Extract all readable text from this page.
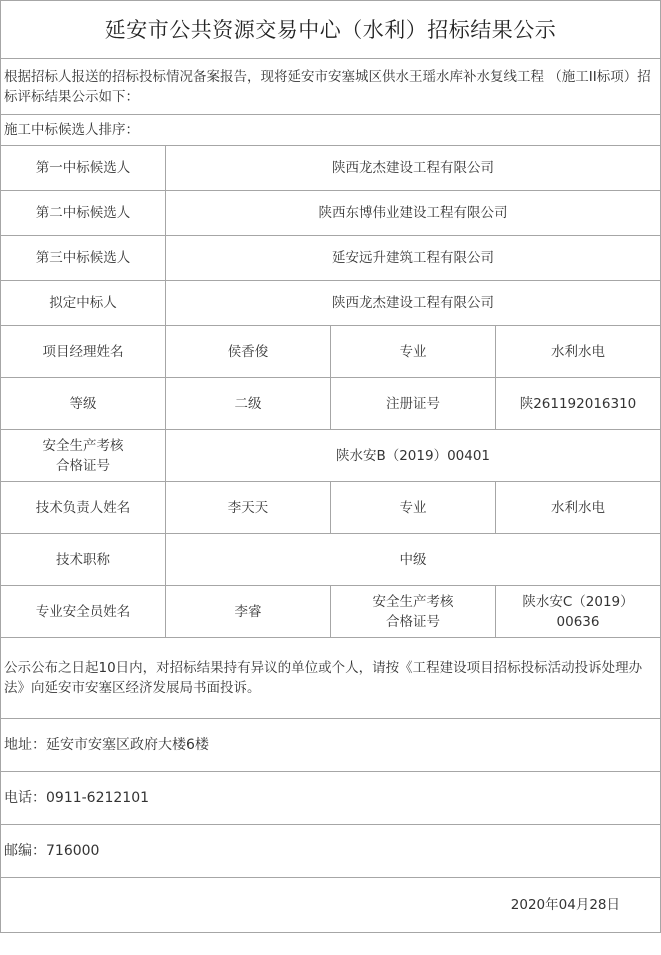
延安市公共资源交易中心（水利）招标结果公示			
根据招标人报送的招标投标情况备案报告，现将延安市安塞城区供水王瑶水库补水复线工程 （施工II标项）招标评标结果公示如下：			
施工中标候选人排序：			
第一中标候选人	陕西龙杰建设工程有限公司		
第二中标候选人	陕西东博伟业建设工程有限公司		
第三中标候选人	延安远升建筑工程有限公司		
拟定中标人	陕西龙杰建设工程有限公司		
项目经理姓名	侯香俊	专业	水利水电
等级	二级	注册证号	陕261192016310
安全生产考核合格证号	陕水安B（2019）00401		
技术负责人姓名	李天天	专业	水利水电
技术职称	中级		
专业安全员姓名	李睿	安全生产考核合格证号	陕水安C（2019）00636

公示公布之日起10日内，对招标结果持有异议的单位或个人，请按《工程建设项目招标投标活动投诉处理办法》向延安市安塞区经济发展局书面投诉。			

地址：延安市安塞区政府大楼6楼			
电话：0911-6212101			
邮编：716000			
2020年04月28日			
